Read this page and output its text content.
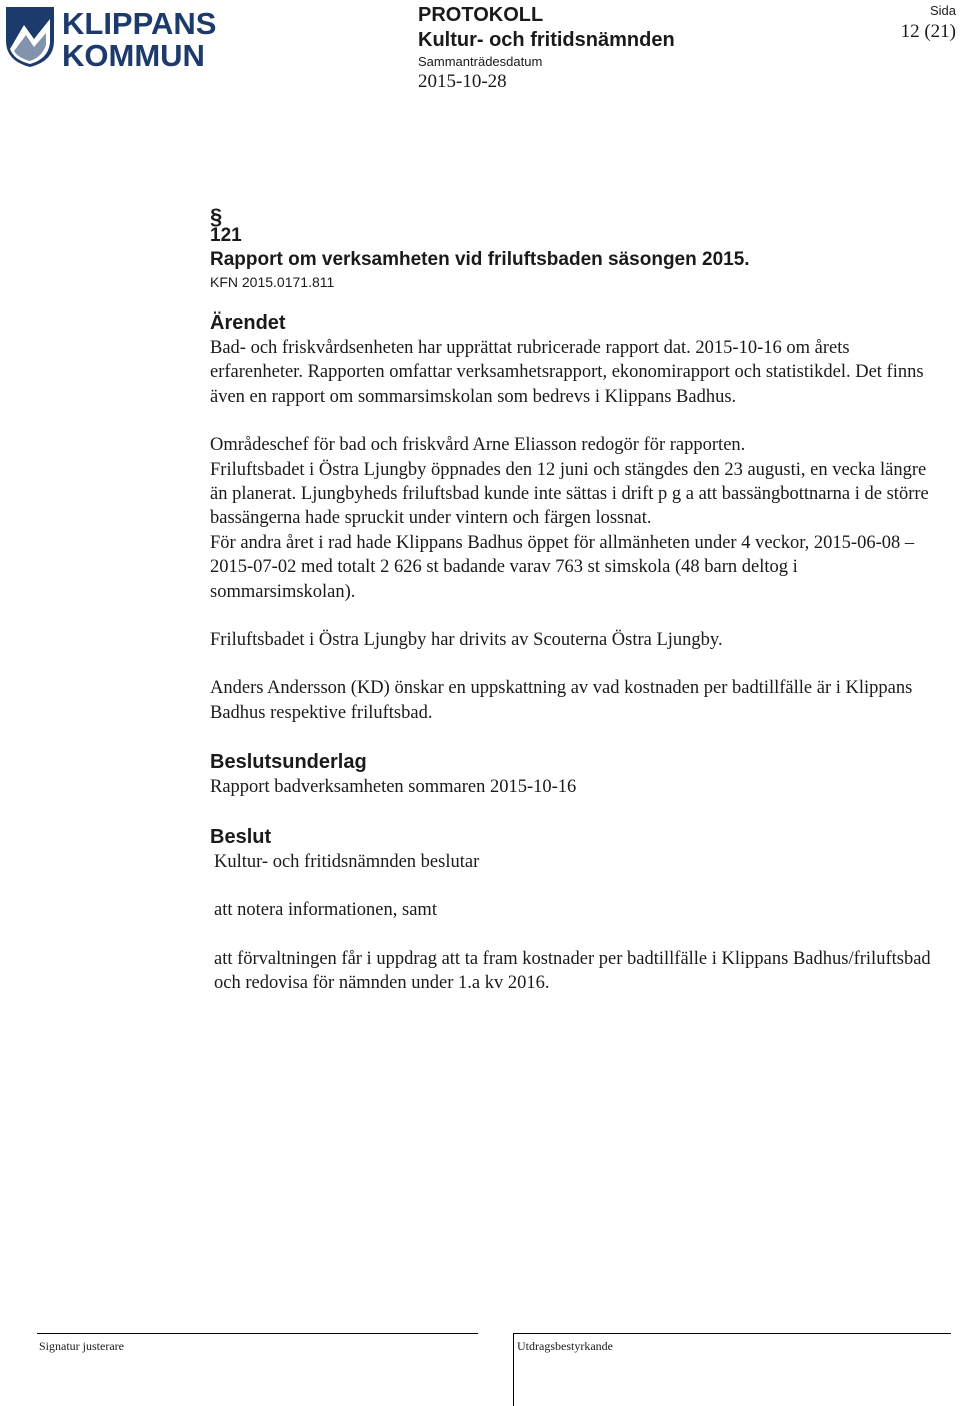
KLIPPANS
KOMMUN
PROTOKOLL
Kultur- och fritidsnämnden
Sammanträdesdatum
2015-10-28
Sida
12 (21)
§
121
Rapport om verksamheten vid friluftsbaden säsongen 2015.
KFN 2015.0171.811
Ärendet
Bad- och friskvårdsenheten har upprättat rubricerade rapport dat. 2015-10-16 om årets erfarenheter. Rapporten omfattar verksamhetsrapport, ekonomirapport och statistikdel. Det finns även en rapport om sommarsimskolan som bedrevs i Klippans Badhus.
Områdeschef för bad och friskvård Arne Eliasson redogör för rapporten.
Friluftsbadet i Östra Ljungby öppnades den 12 juni och stängdes den 23 augusti, en vecka längre än planerat. Ljungbyheds friluftsbad kunde inte sättas i drift p g a att bassängbottnarna i de större bassängerna hade spruckit under vintern och färgen lossnat.
För andra året i rad hade Klippans Badhus öppet för allmänheten under 4 veckor, 2015-06-08 – 2015-07-02 med totalt 2 626 st badande varav 763 st simskola (48 barn deltog i sommarsimskolan).
Friluftsbadet i Östra Ljungby har drivits av Scouterna Östra Ljungby.
Anders Andersson (KD) önskar en uppskattning av vad kostnaden per badtillfälle är i Klippans Badhus respektive friluftsbad.
Beslutsunderlag
Rapport badverksamheten sommaren 2015-10-16
Beslut
Kultur- och fritidsnämnden beslutar
att notera informationen, samt
att förvaltningen får i uppdrag att ta fram kostnader per badtillfälle i Klippans Badhus/friluftsbad och redovisa för nämnden under 1.a kv 2016.
Signatur justerare	Utdragsbestyrkande
